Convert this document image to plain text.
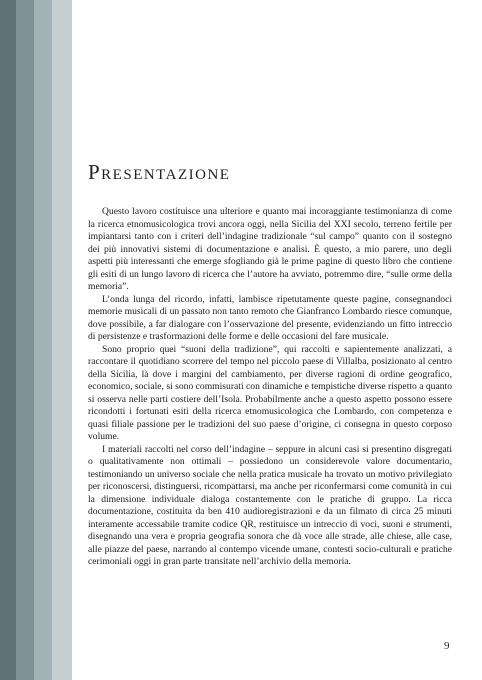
Presentazione

Questo lavoro costituisce una ulteriore e quanto mai incoraggiante testimonianza di come la ricerca etnomusicologica trovi ancora oggi, nella Sicilia del XXI secolo, terreno fertile per impiantarsi tanto con i criteri dell’indagine tradizionale “sul campo” quanto con il sostegno dei più innovativi sistemi di documentazione e analisi. È questo, a mio parere, uno degli aspetti più interessanti che emerge sfogliando già le prime pagine di questo libro che contiene gli esiti di un lungo lavoro di ricerca che l’autore ha avviato, potremmo dire, “sulle orme della memoria”.

L’onda lunga del ricordo, infatti, lambisce ripetutamente queste pagine, consegnandoci memorie musicali di un passato non tanto remoto che Gianfranco Lombardo riesce comunque, dove possibile, a far dialogare con l’osservazione del presente, evidenziando un fitto intreccio di persistenze e trasformazioni delle forme e delle occasioni del fare musicale.

Sono proprio quei “suoni della tradizione”, qui raccolti e sapientemente analizzati, a raccontare il quotidiano scorrere del tempo nel piccolo paese di Villalba, posizionato al centro della Sicilia, là dove i margini del cambiamento, per diverse ragioni di ordine geografico, economico, sociale, si sono commisurati con dinamiche e tempistiche diverse rispetto a quanto si osserva nelle parti costiere dell’Isola. Probabilmente anche a questo aspetto possono essere ricondotti i fortunati esiti della ricerca etnomusicologica che Lombardo, con competenza e quasi filiale passione per le tradizioni del suo paese d’origine, ci consegna in questo corposo volume.

I materiali raccolti nel corso dell’indagine – seppure in alcuni casi si presentino disgregati o qualitativamente non ottimali – possiedono un considerevole valore documentario, testimoniando un universo sociale che nella pratica musicale ha trovato un motivo privilegiato per riconoscersi, distinguersi, ricompattarsi, ma anche per riconfermarsi come comunità in cui la dimensione individuale dialoga costantemente con le pratiche di gruppo. La ricca documentazione, costituita da ben 410 audioregistrazioni e da un filmato di circa 25 minuti interamente accessabile tramite codice QR, restituisce un intreccio di voci, suoni e strumenti, disegnando una vera e propria geografia sonora che dà voce alle strade, alle chiese, alle case, alle piazze del paese, narrando al contempo vicende umane, contesti socio-culturali e pratiche cerimoniali oggi in gran parte transitate nell’archivio della memoria.

9
